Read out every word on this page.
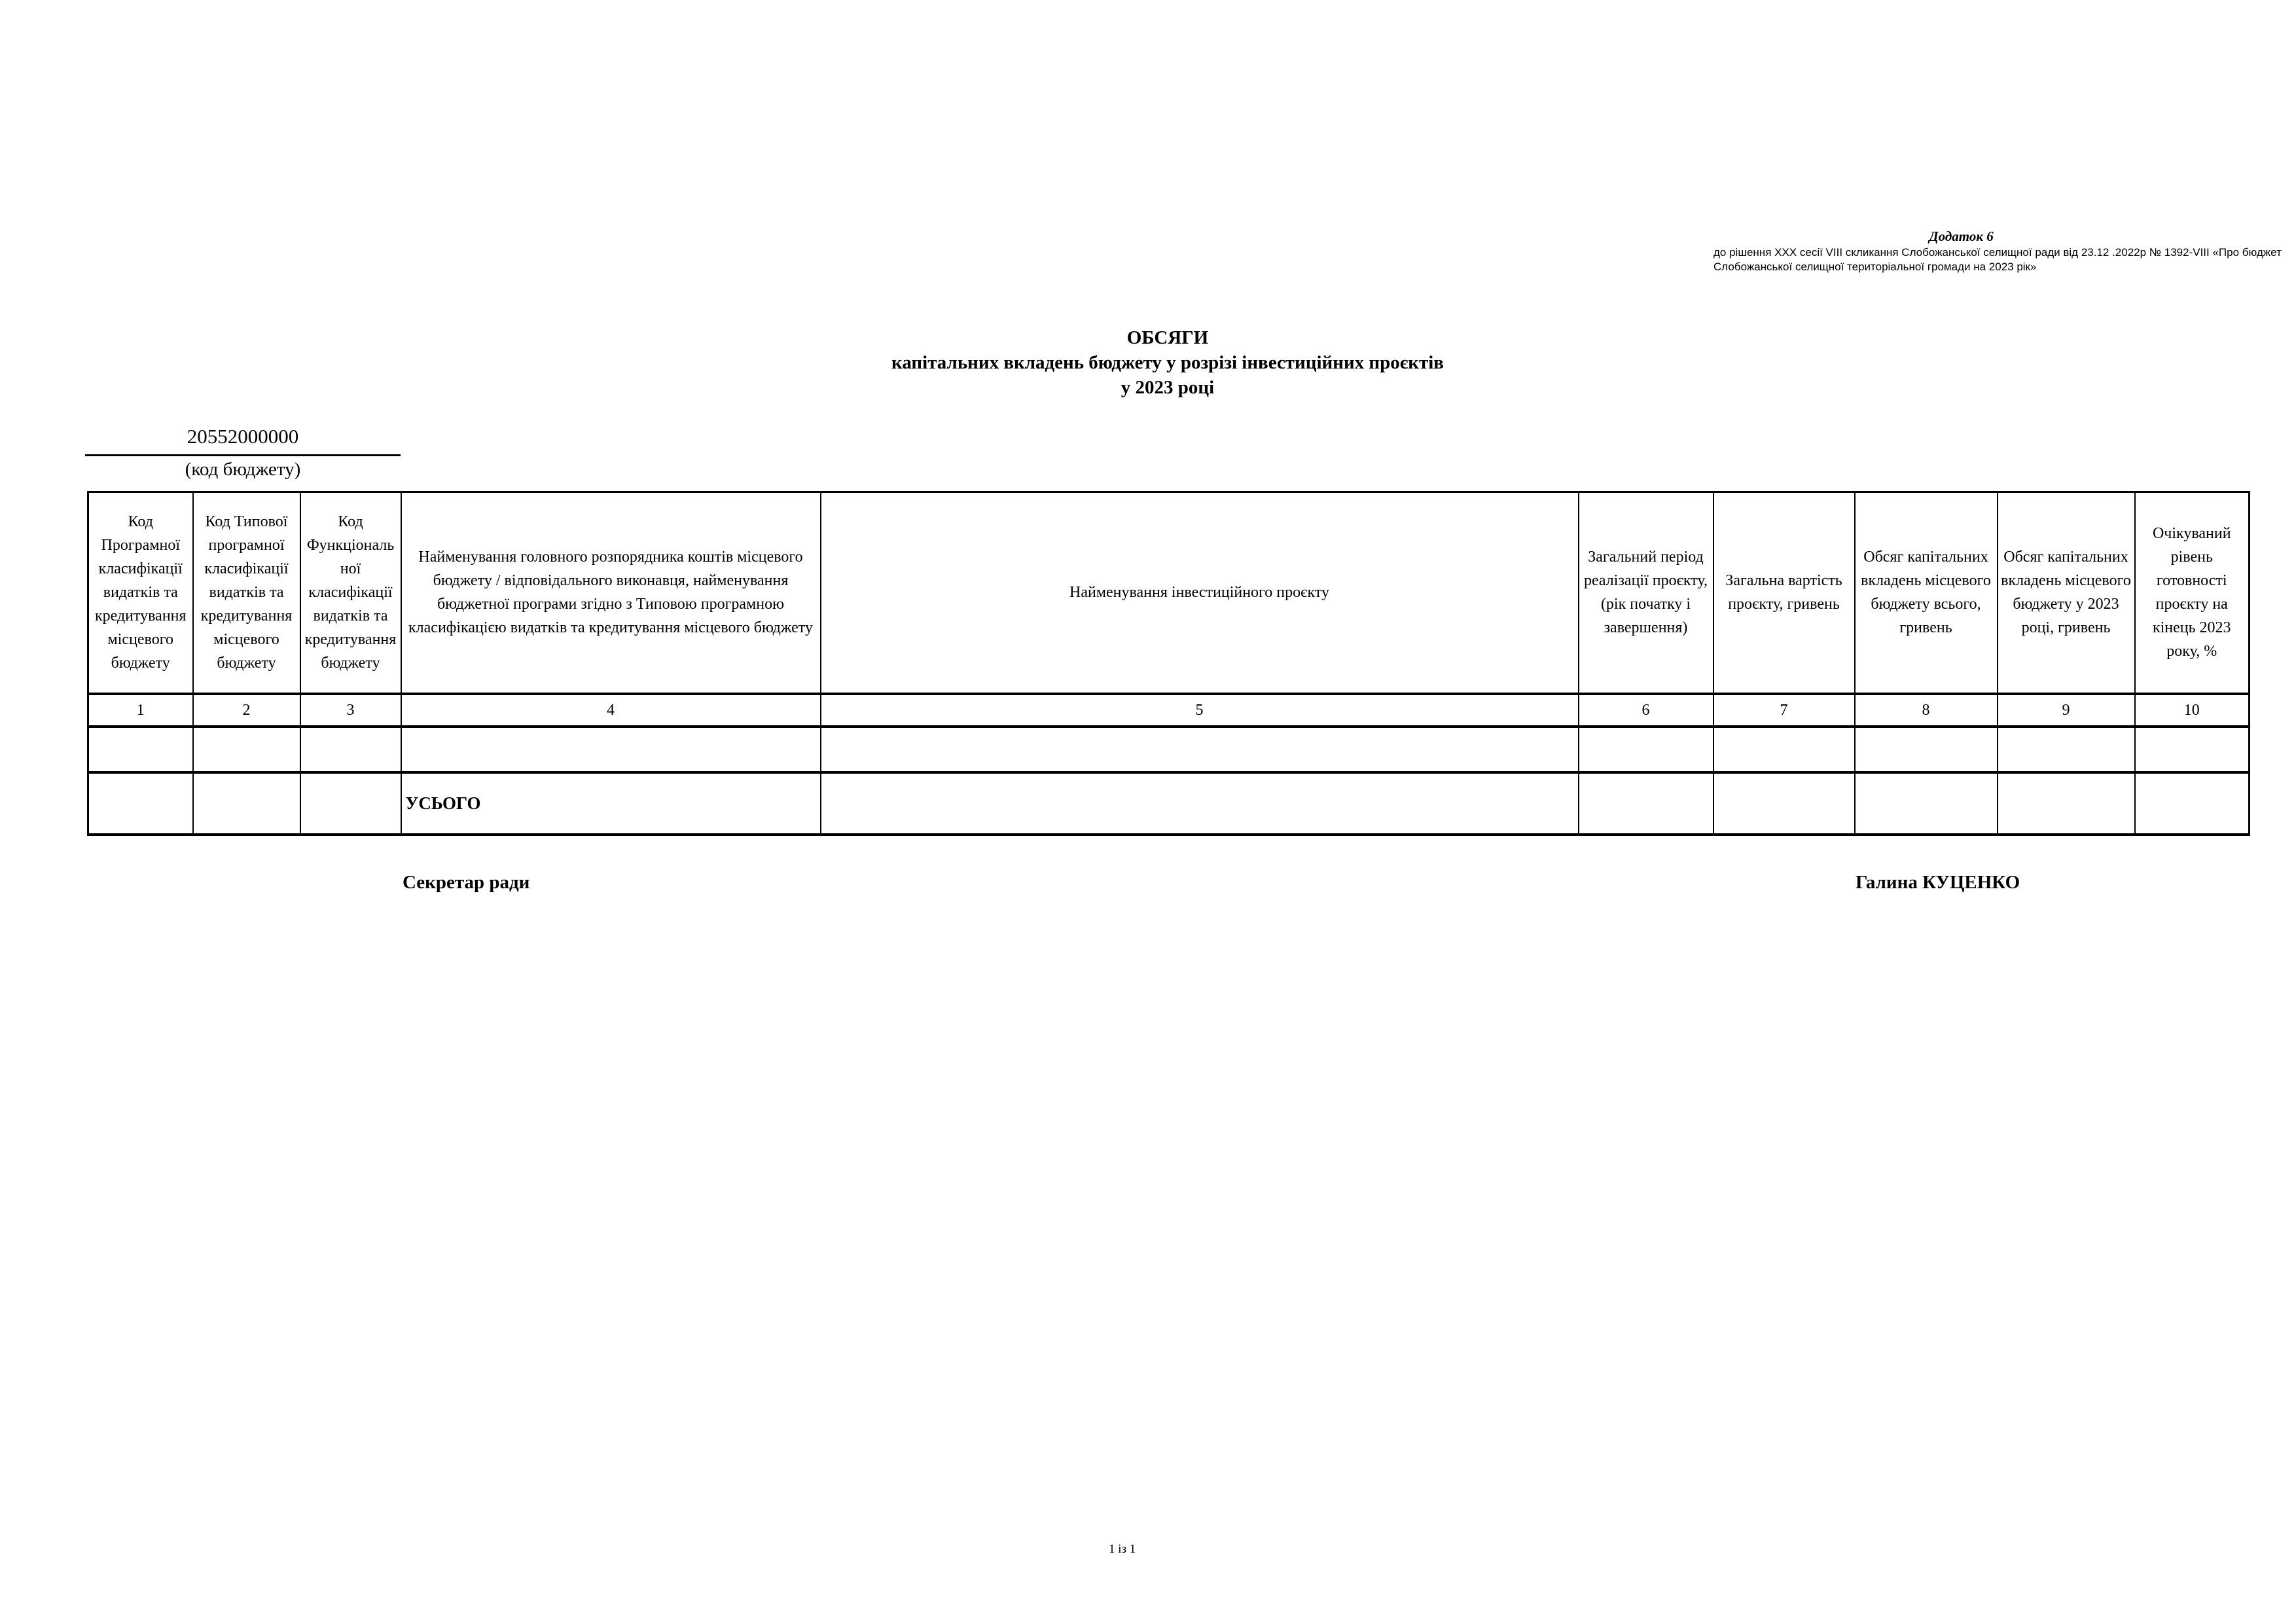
Додаток 6
до рішення XXX сесії VIII скликання Слобожанської селищної ради від 23.12 .2022р № 1392-VIII «Про бюджет
Слобожанської селищної територіальної громади на 2023 рік»
ОБСЯГИ
капітальних вкладень бюджету у розрізі інвестиційних проєктів
у 2023 році
20552000000
(код бюджету)
Код Програмної класифікації видатків та кредитування місцевого бюджету	Код Типової програмної класифікації видатків та кредитування місцевого бюджету	Код Функціональної класифікації видатків та кредитування бюджету	Найменування головного розпорядника коштів місцевого бюджету / відповідального виконавця, найменування бюджетної програми згідно з Типовою програмною класифікацією видатків та кредитування місцевого бюджету	Найменування інвестиційного проєкту	Загальний період реалізації проєкту, (рік початку і завершення)	Загальна вартість проєкту, гривень	Обсяг капітальних вкладень місцевого бюджету всього, гривень	Обсяг капітальних вкладень місцевого бюджету у 2023 році, гривень	Очікуваний рівень готовності проєкту на кінець 2023 року, %
1	2	3	4	5	6	7	8	9	10

			УСЬОГО						
Секретар ради	Галина КУЦЕНКО
1 із 1
